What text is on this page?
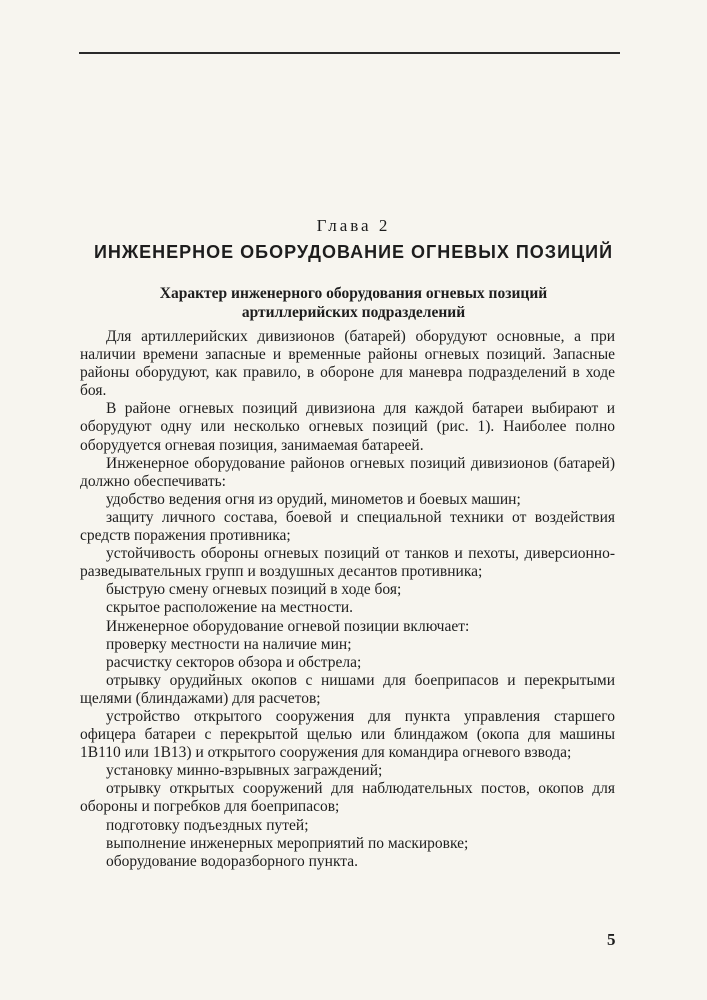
Глава 2
ИНЖЕНЕРНОЕ ОБОРУДОВАНИЕ ОГНЕВЫХ ПОЗИЦИЙ
Характер инженерного оборудования огневых позиций
артиллерийских подразделений

Для артиллерийских дивизионов (батарей) оборудуют основные, а при наличии времени запасные и временные районы огневых позиций. Запасные районы оборудуют, как правило, в обороне для маневра подразделений в ходе боя.

В районе огневых позиций дивизиона для каждой батареи выбирают и оборудуют одну или несколько огневых позиций (рис. 1). Наиболее полно оборудуется огневая позиция, занимаемая батареей.

Инженерное оборудование районов огневых позиций дивизионов (батарей) должно обеспечивать:

удобство ведения огня из орудий, минометов и боевых машин;

защиту личного состава, боевой и специальной техники от воздействия средств поражения противника;

устойчивость обороны огневых позиций от танков и пехоты, диверсионно-разведывательных групп и воздушных десантов противника;

быструю смену огневых позиций в ходе боя;

скрытое расположение на местности.

Инженерное оборудование огневой позиции включает:

проверку местности на наличие мин;

расчистку секторов обзора и обстрела;

отрывку орудийных окопов с нишами для боеприпасов и перекрытыми щелями (блиндажами) для расчетов;

устройство открытого сооружения для пункта управления старшего офицера батареи с перекрытой щелью или блиндажом (окопа для машины 1В110 или 1В13) и открытого сооружения для командира огневого взвода;

установку минно-взрывных заграждений;

отрывку открытых сооружений для наблюдательных постов, окопов для обороны и погребков для боеприпасов;

подготовку подъездных путей;

выполнение инженерных мероприятий по маскировке;

оборудование водоразборного пункта.

5
